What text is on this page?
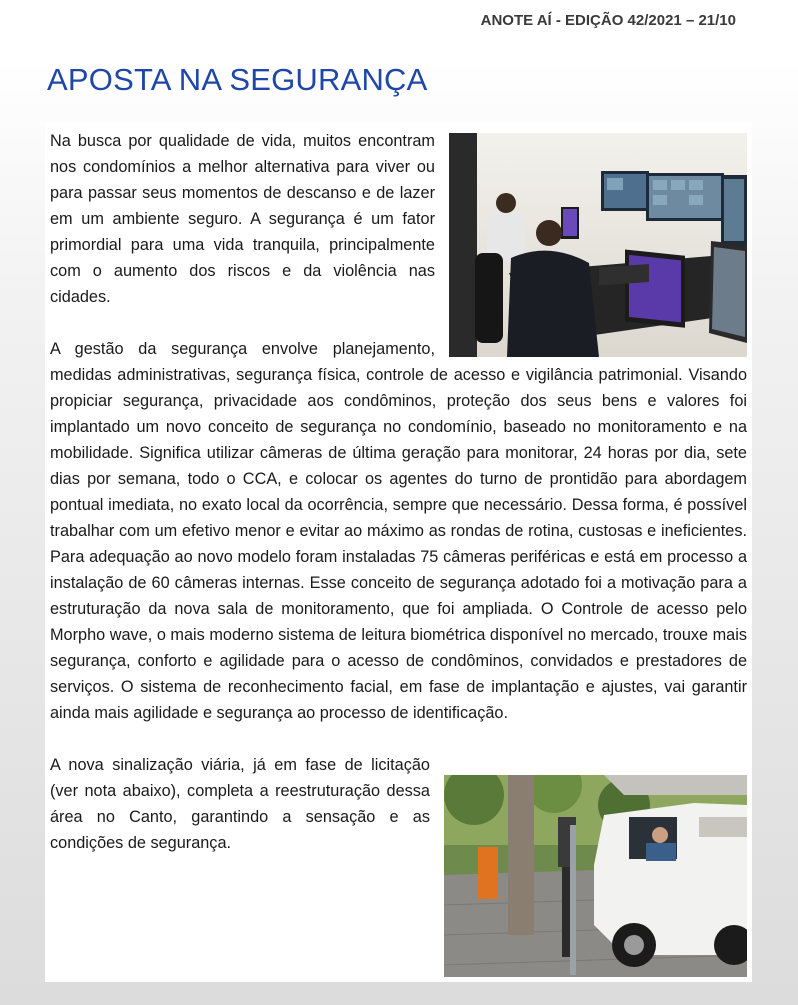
ANOTE AÍ - EDIÇÃO 42/2021 – 21/10
APOSTA NA SEGURANÇA

Na busca por qualidade de vida, muitos encontram nos condomínios a melhor alternativa para viver ou para passar seus momentos de descanso e de lazer em um ambiente seguro. A segurança é um fator primordial para uma vida tranquila, principalmente com o aumento dos riscos e da violência nas cidades.

A gestão da segurança envolve planejamento, medidas administrativas, segurança física, controle de acesso e vigilância patrimonial. Visando propiciar segurança, privacidade aos condôminos, proteção dos seus bens e valores foi implantado um novo conceito de segurança no condomínio, baseado no monitoramento e na mobilidade. Significa utilizar câmeras de última geração para monitorar, 24 horas por dia, sete dias por semana, todo o CCA, e colocar os agentes do turno de prontidão para abordagem pontual imediata, no exato local da ocorrência, sempre que necessário. Dessa forma, é possível trabalhar com um efetivo menor e evitar ao máximo as rondas de rotina, custosas e ineficientes. Para adequação ao novo modelo foram instaladas 75 câmeras periféricas e está em processo a instalação de 60 câmeras internas. Esse conceito de segurança adotado foi a motivação para a estruturação da nova sala de monitoramento, que foi ampliada. O Controle de acesso pelo Morpho wave, o mais moderno sistema de leitura biométrica disponível no mercado, trouxe mais segurança, conforto e agilidade para o acesso de condôminos, convidados e prestadores de serviços. O sistema de reconhecimento facial, em fase de implantação e ajustes, vai garantir ainda mais agilidade e segurança ao processo de identificação.

A nova sinalização viária, já em fase de licitação (ver nota abaixo), completa a reestruturação dessa área no Canto, garantindo a sensação e as condições de segurança.
